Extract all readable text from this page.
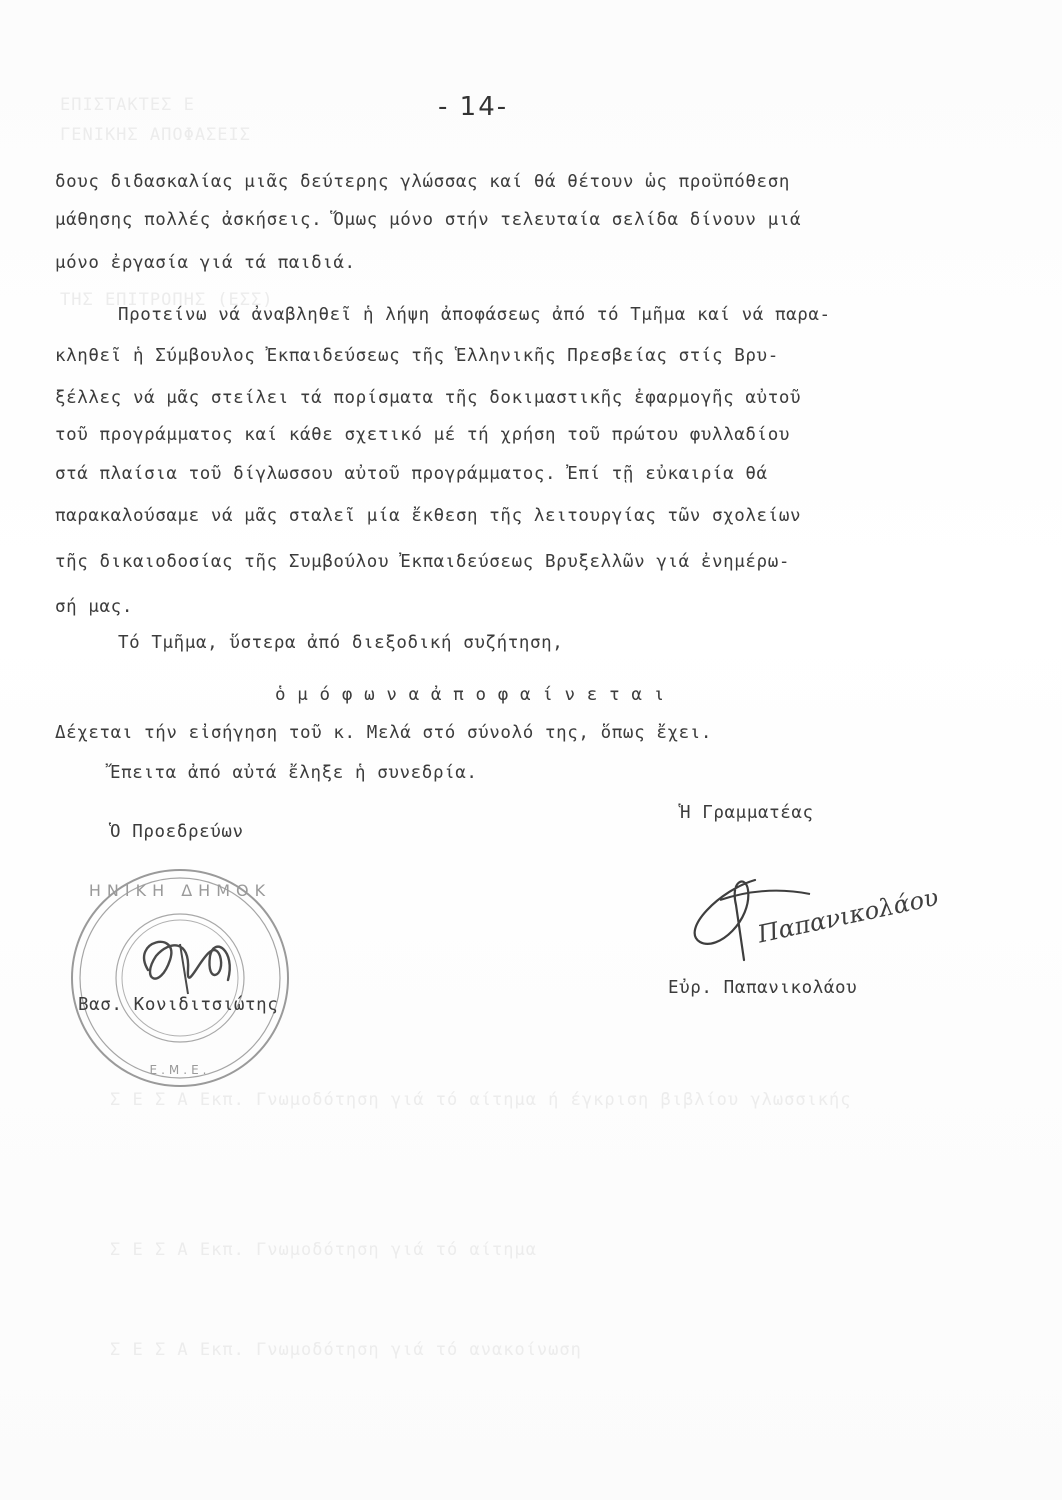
ΕΠΙΣΤΑΚΤΕΣ Ε
ΓΕΝΙΚΗΣ ΑΠΟΦΑΣΕΙΣ
ΤΗΣ ΕΠΙΤΡΟΠΗΣ (ΕΣΣ)
Σ Ε Σ Α Εκπ. Γνωμοδότηση γιά τό αίτημα ή έγκριση βιβλίου γλωσσικής
Σ Ε Σ Α Εκπ. Γνωμοδότηση γιά τό αίτημα
Σ Ε Σ Α Εκπ. Γνωμοδότηση γιά τό ανακοίνωση
- 14-
δους διδασκαλίας μιᾶς δεύτερης γλώσσας καί θά θέτουν ὡς προϋπόθεση
μάθησης πολλές ἀσκήσεις. Ὅμως μόνο στήν τελευταία σελίδα δίνουν μιά
μόνο ἐργασία γιά τά παιδιά.
Προτείνω νά ἀναβληθεῖ ἡ λήψη ἀποφάσεως ἀπό τό Τμῆμα καί νά παρα-
κληθεῖ ἡ Σύμβουλος Ἐκπαιδεύσεως τῆς Ἑλληνικῆς Πρεσβείας στίς Βρυ-
ξέλλες νά μᾶς στείλει τά πορίσματα τῆς δοκιμαστικῆς ἐφαρμογῆς αὐτοῦ
τοῦ προγράμματος καί κάθε σχετικό μέ τή χρήση τοῦ πρώτου φυλλαδίου
στά πλαίσια τοῦ δίγλωσσου αὐτοῦ προγράμματος. Ἐπί τῇ εὐκαιρία θά
παρακαλούσαμε νά μᾶς σταλεῖ μία ἔκθεση τῆς λειτουργίας τῶν σχολείων
τῆς δικαιοδοσίας τῆς Συμβούλου Ἐκπαιδεύσεως Βρυξελλῶν γιά ἐνημέρω-
σή μας.
Τό Τμῆμα, ὕστερα ἀπό διεξοδική συζήτηση,
ὁ μ ό φ ω ν α ἀ π ο φ α ί ν ε τ α ι
Δέχεται τήν εἰσήγηση τοῦ κ. Μελά στό σύνολό της, ὅπως ἔχει.
Ἔπειτα ἀπό αὐτά ἔληξε ἡ συνεδρία.
Ὁ Προεδρεύων
Ἡ Γραμματέας
ΗΝΙΚΗ ΔΗΜΟΚ
Ε.Μ.Ε.
Βασ. Κονιδιτσιώτης
Παπανικολάου
Εὐρ. Παπανικολάου
